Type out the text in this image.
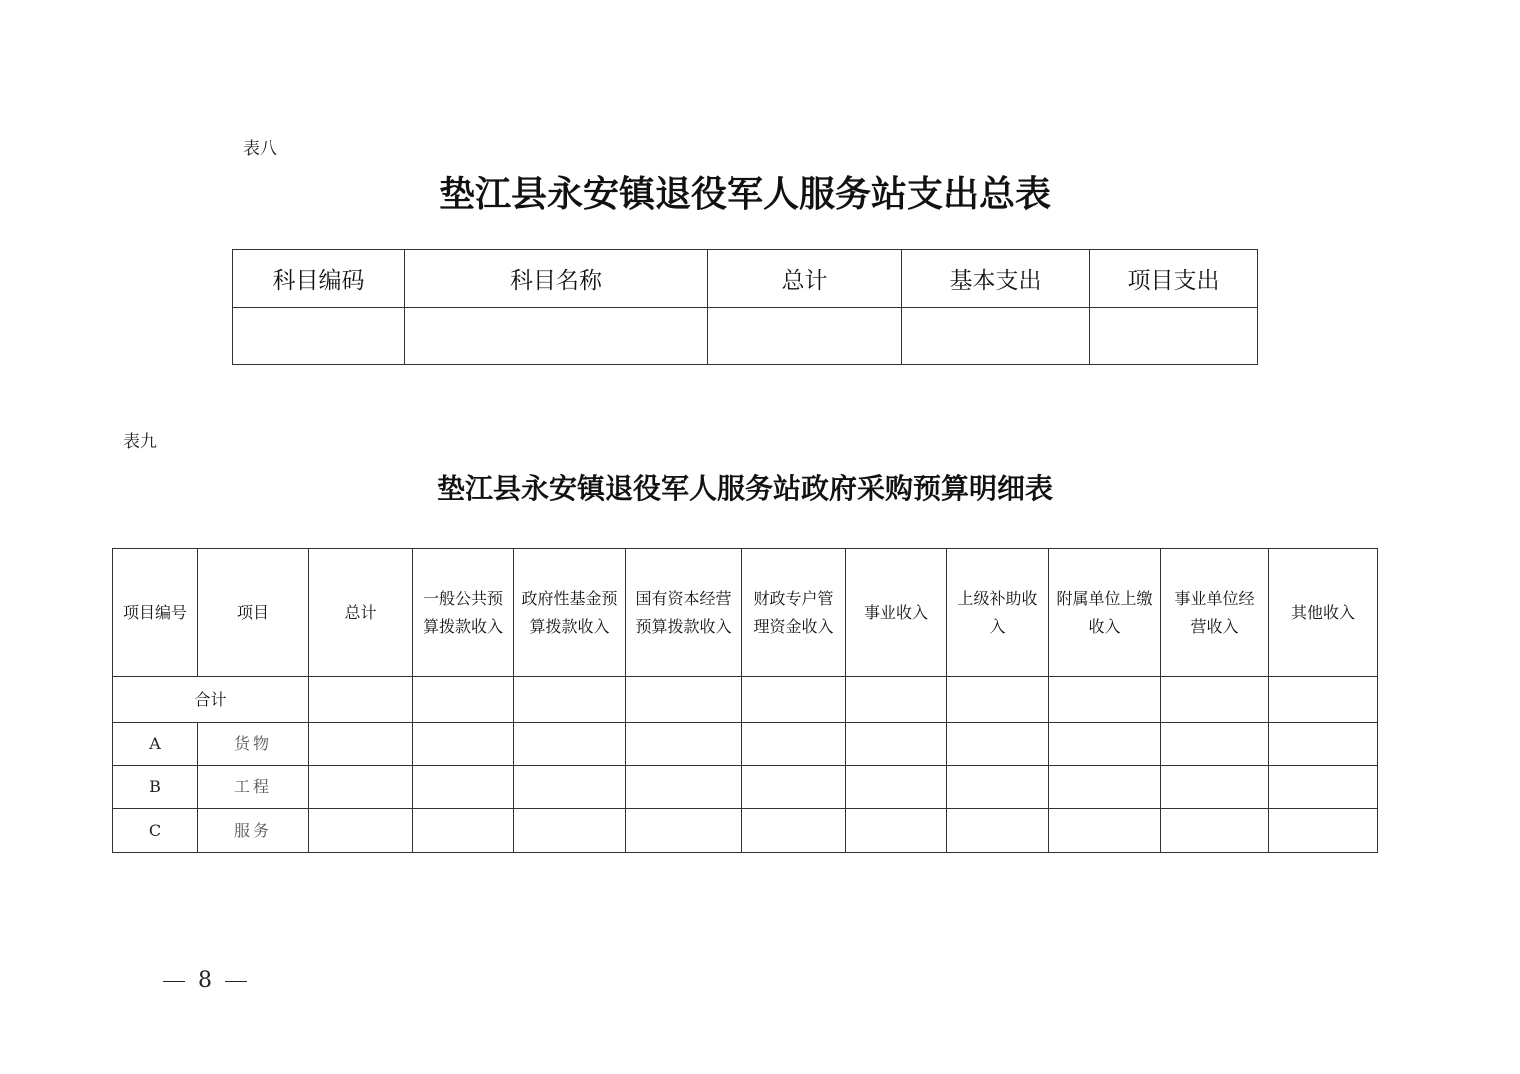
表八
垫江县永安镇退役军人服务站支出总表
科目编码	科目名称	总计	基本支出	项目支出

表九
垫江县永安镇退役军人服务站政府采购预算明细表
项目编号	项目	总计	一般公共预算拨款收入	政府性基金预算拨款收入	国有资本经营预算拨款收入	财政专户管理资金收入	事业收入	上级补助收入	附属单位上缴收入	事业单位经营收入	其他收入
合计											
A	货物										
B	工程										
C	服务										
8
